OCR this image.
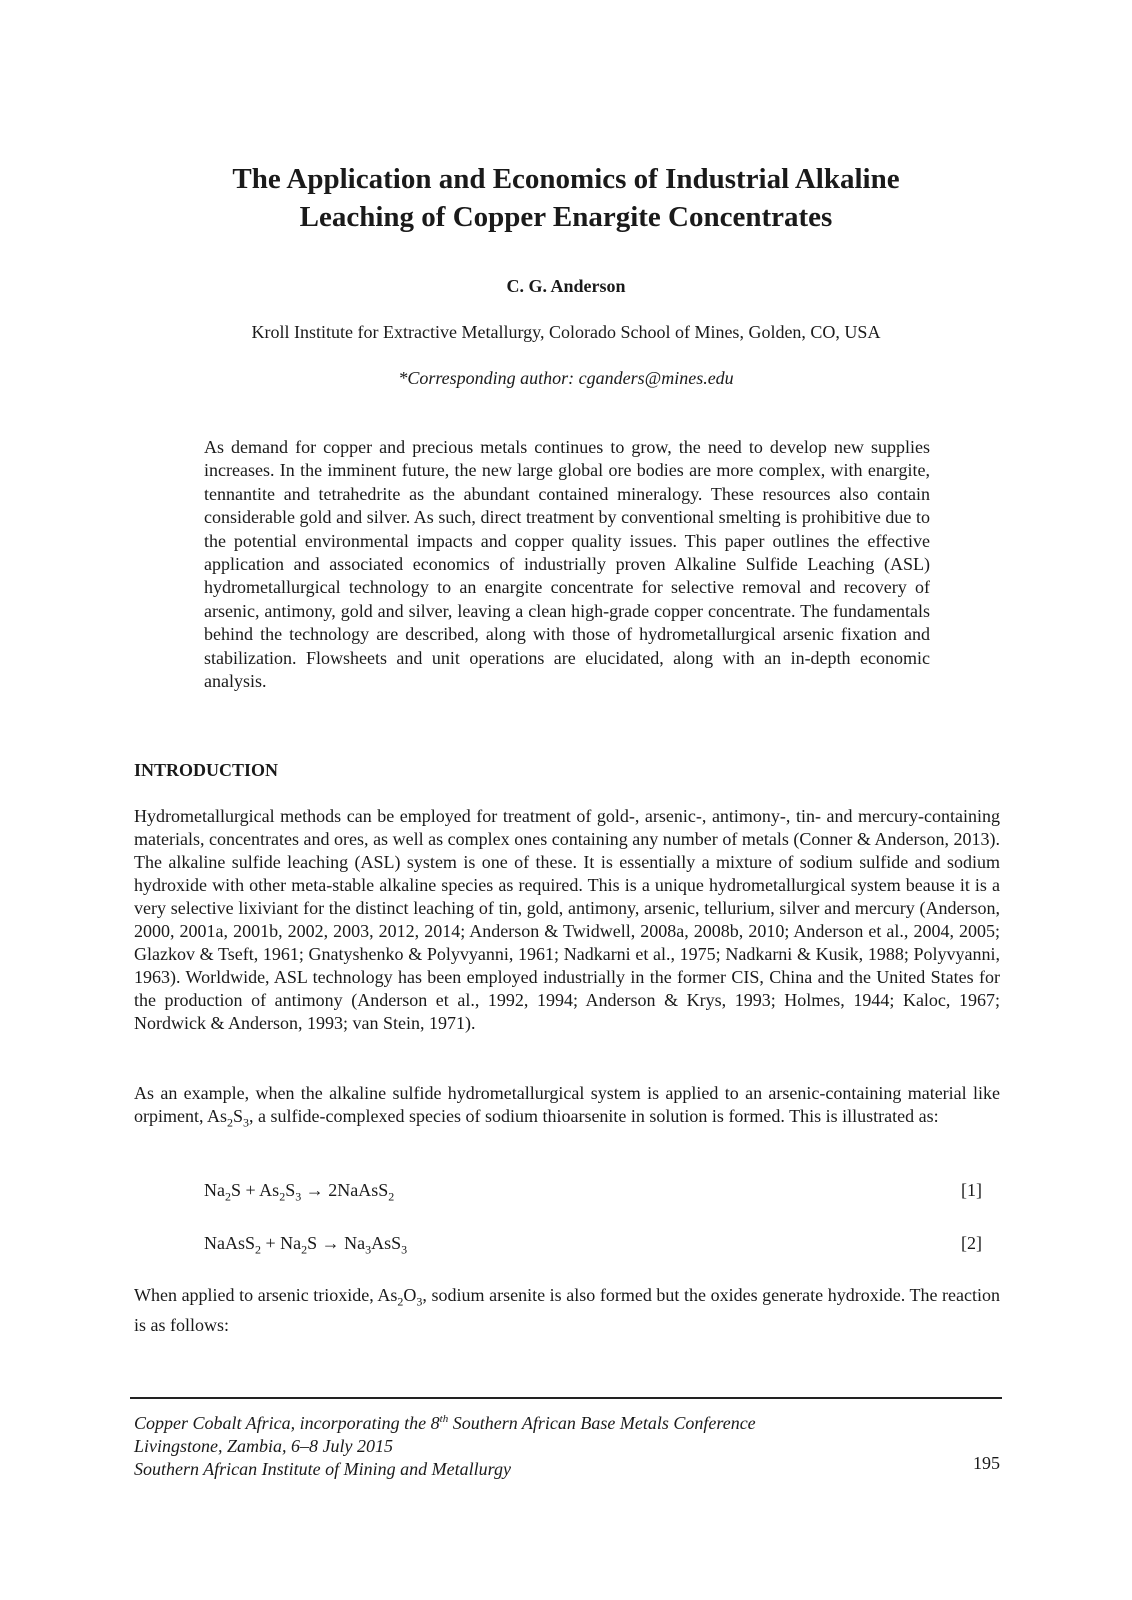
The Application and Economics of Industrial Alkaline
Leaching of Copper Enargite Concentrates
C. G. Anderson
Kroll Institute for Extractive Metallurgy, Colorado School of Mines, Golden, CO, USA
*Corresponding author: cganders@mines.edu

As demand for copper and precious metals continues to grow, the need to develop new supplies increases. In the imminent future, the new large global ore bodies are more complex, with enargite, tennantite and tetrahedrite as the abundant contained mineralogy. These resources also contain considerable gold and silver. As such, direct treatment by conventional smelting is prohibitive due to the potential environmental impacts and copper quality issues. This paper outlines the effective application and associated economics of industrially proven Alkaline Sulfide Leaching (ASL) hydrometallurgical technology to an enargite concentrate for selective removal and recovery of arsenic, antimony, gold and silver, leaving a clean high-grade copper concentrate. The fundamentals behind the technology are described, along with those of hydrometallurgical arsenic fixation and stabilization. Flowsheets and unit operations are elucidated, along with an in-depth economic analysis.

INTRODUCTION

Hydrometallurgical methods can be employed for treatment of gold-, arsenic-, antimony-, tin- and mercury-containing materials, concentrates and ores, as well as complex ones containing any number of metals (Conner & Anderson, 2013). The alkaline sulfide leaching (ASL) system is one of these. It is essentially a mixture of sodium sulfide and sodium hydroxide with other meta-stable alkaline species as required. This is a unique hydrometallurgical system beause it is a very selective lixiviant for the distinct leaching of tin, gold, antimony, arsenic, tellurium, silver and mercury (Anderson, 2000, 2001a, 2001b, 2002, 2003, 2012, 2014; Anderson & Twidwell, 2008a, 2008b, 2010; Anderson et al., 2004, 2005; Glazkov & Tseft, 1961; Gnatyshenko & Polyvyanni, 1961; Nadkarni et al., 1975; Nadkarni & Kusik, 1988; Polyvyanni, 1963). Worldwide, ASL technology has been employed industrially in the former CIS, China and the United States for the production of antimony (Anderson et al., 1992, 1994; Anderson & Krys, 1993; Holmes, 1944; Kaloc, 1967; Nordwick & Anderson, 1993; van Stein, 1971).

As an example, when the alkaline sulfide hydrometallurgical system is applied to an arsenic-containing material like orpiment, $As_2S_3$, a sulfide-complexed species of sodium thioarsenite in solution is formed. This is illustrated as:

$Na_2S + As_2S_3$ → 2NaAsS$_2$	[1]
NaAsS$_2$ + $Na_2S \to Na_3AsS_3$	[2]

When applied to arsenic trioxide, $As_2O_3$, sodium arsenite is also formed but the oxides generate hydroxide. The reaction is as follows:

Copper Cobalt Africa, incorporating the 8th Southern African Base Metals Conference
Livingstone, Zambia, 6–8 July 2015
Southern African Institute of Mining and Metallurgy	195
